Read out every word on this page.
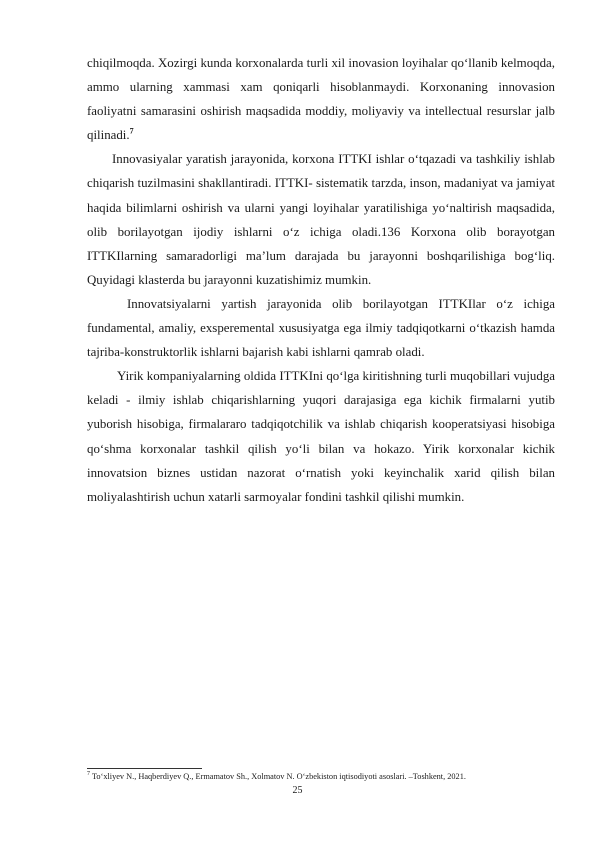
chiqilmoqda. Xozirgi kunda korxonalarda turli xil inovasion loyihalar qo‘llanib kelmoqda, ammo ularning xammasi xam qoniqarli hisoblanmaydi. Korxonaning innovasion faoliyatni samarasini oshirish maqsadida moddiy, moliyaviy va intellectual resurslar jalb qilinadi.$^7$

Innovasiyalar yaratish jarayonida, korxona ITTKI ishlar o‘tqazadi va tashkiliy ishlab chiqarish tuzilmasini shakllantiradi. ITTKI- sistematik tarzda, inson, madaniyat va jamiyat haqida bilimlarni oshirish va ularni yangi loyihalar yaratilishiga yo‘naltirish maqsadida, olib borilayotgan ijodiy ishlarni o‘z ichiga oladi.136 Korxona olib borayotgan ITTKIlarning samaradorligi ma’lum darajada bu jarayonni boshqarilishiga bog‘liq. Quyidagi klasterda bu jarayonni kuzatishimiz mumkin.

Innovatsiyalarni yartish jarayonida olib borilayotgan ITTKIlar o‘z ichiga fundamental, amaliy, exsperemental xususiyatga ega ilmiy tadqiqotkarni o‘tkazish hamda tajriba-konstruktorlik ishlarni bajarish kabi ishlarni qamrab oladi.

Yirik kompaniyalarning oldida ITTKIni qo‘lga kiritishning turli muqobillari vujudga keladi - ilmiy ishlab chiqarishlarning yuqori darajasiga ega kichik firmalarni yutib yuborish hisobiga, firmalararo tadqiqotchilik va ishlab chiqarish kooperatsiyasi hisobiga qo‘shma korxonalar tashkil qilish yo‘li bilan va hokazo. Yirik korxonalar kichik innovatsion biznes ustidan nazorat o‘rnatish yoki keyinchalik xarid qilish bilan moliyalashtirish uchun xatarli sarmoyalar fondini tashkil qilishi mumkin.

$^7$ To‘xliyev N., Haqberdiyev Q., Ermamatov Sh., Xolmatov N. O‘zbekiston iqtisodiyoti asoslari. –Toshkent, 2021.
25
